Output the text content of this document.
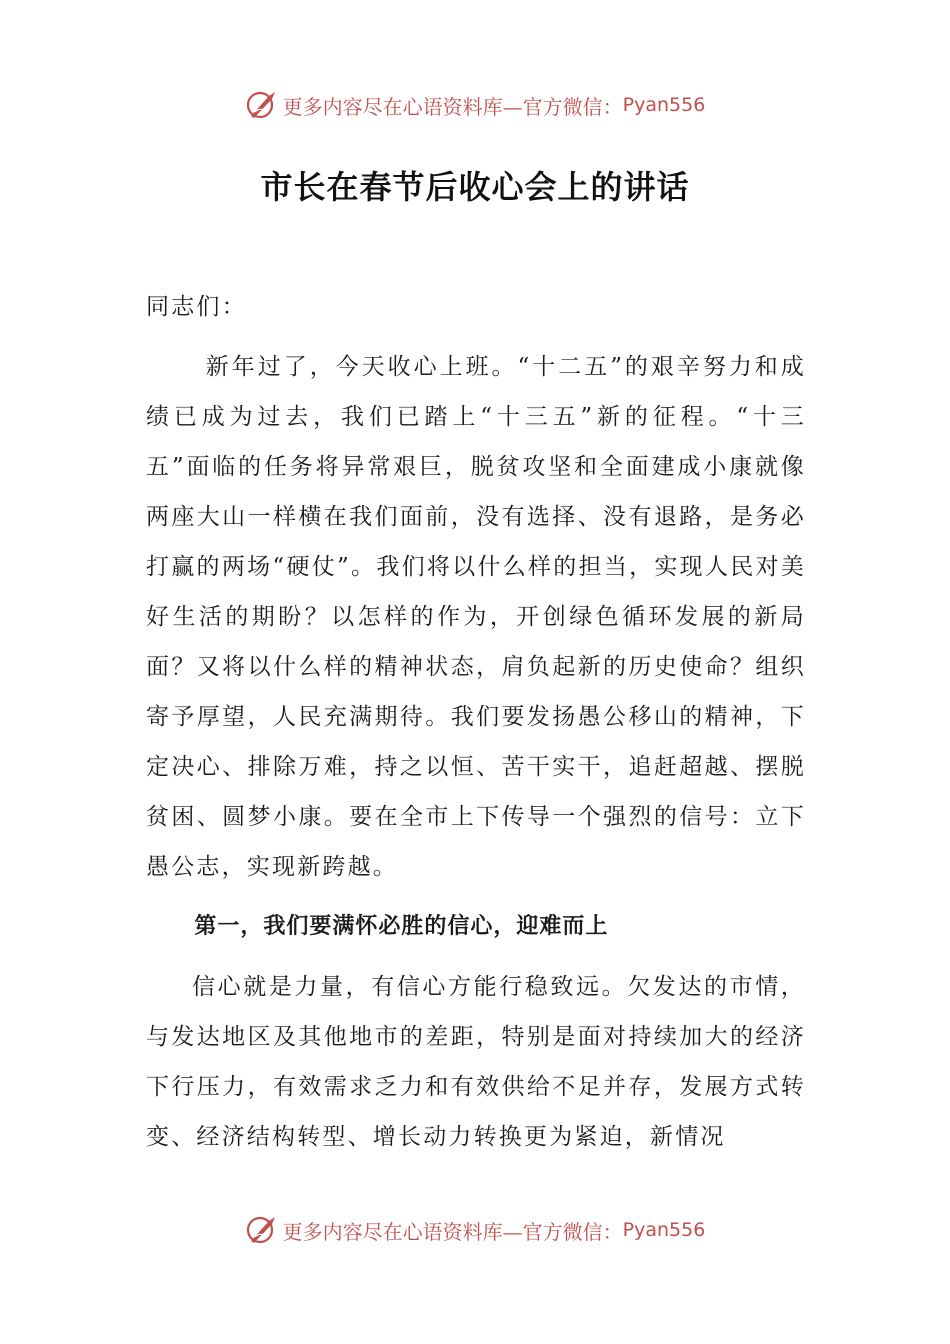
更多内容尽在心语资料库—官方微信： Pyan556
市长在春节后收心会上的讲话

同志们：

新年过了，今天收心上班。“十二五”的艰辛努力和成绩已成为过去，我们已踏上“十三五”新的征程。“十三五”面临的任务将异常艰巨，脱贫攻坚和全面建成小康就像两座大山一样横在我们面前，没有选择、没有退路，是务必打赢的两场“硬仗”。我们将以什么样的担当，实现人民对美好生活的期盼？以怎样的作为，开创绿色循环发展的新局面？又将以什么样的精神状态，肩负起新的历史使命？组织寄予厚望，人民充满期待。我们要发扬愚公移山的精神，下定决心、排除万难，持之以恒、苦干实干，追赶超越、摆脱贫困、圆梦小康。要在全市上下传导一个强烈的信号：立下愚公志，实现新跨越。

第一，我们要满怀必胜的信心，迎难而上

信心就是力量，有信心方能行稳致远。欠发达的市情，与发达地区及其他地市的差距，特别是面对持续加大的经济下行压力，有效需求乏力和有效供给不足并存，发展方式转变、经济结构转型、增长动力转换更为紧迫，新情况

更多内容尽在心语资料库—官方微信： Pyan556
